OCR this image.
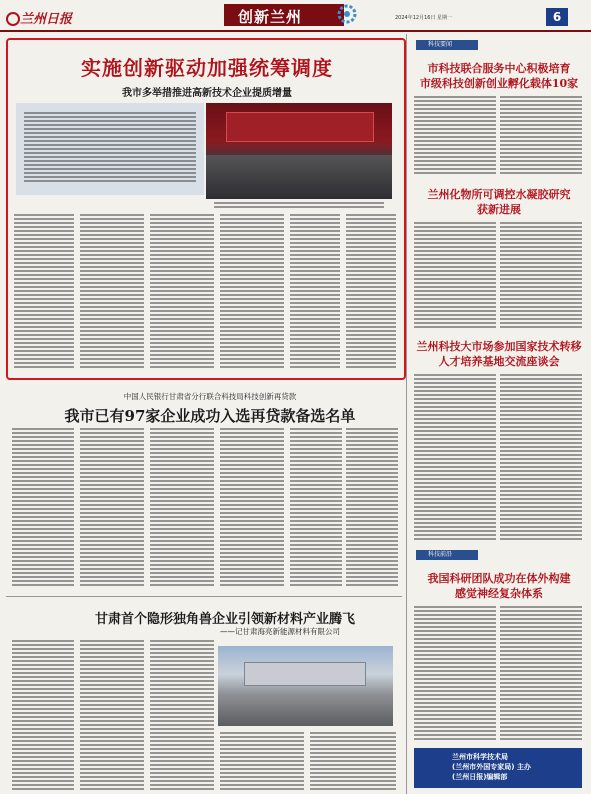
兰州日报	创新兰州	2024年12月16日 星期一	6
实施创新驱动加强统筹调度
我市多举措推进高新技术企业提质增量
科技要闻
市科技联合服务中心积极培育
市级科技创新创业孵化载体10家
兰州化物所可调控水凝胶研究
获新进展
兰州科技大市场参加国家技术转移
人才培养基地交流座谈会
科技前沿
我国科研团队成功在体外构建
感觉神经复杂体系
兰州市科学技术局
(兰州市外国专家局) 主办
(兰州日报)编辑部
中国人民银行甘肃省分行联合科技局科技创新再贷款
我市已有97家企业成功入选再贷款备选名单
甘肃首个隐形独角兽企业引领新材料产业腾飞
——记甘肃海亮新能源材料有限公司
